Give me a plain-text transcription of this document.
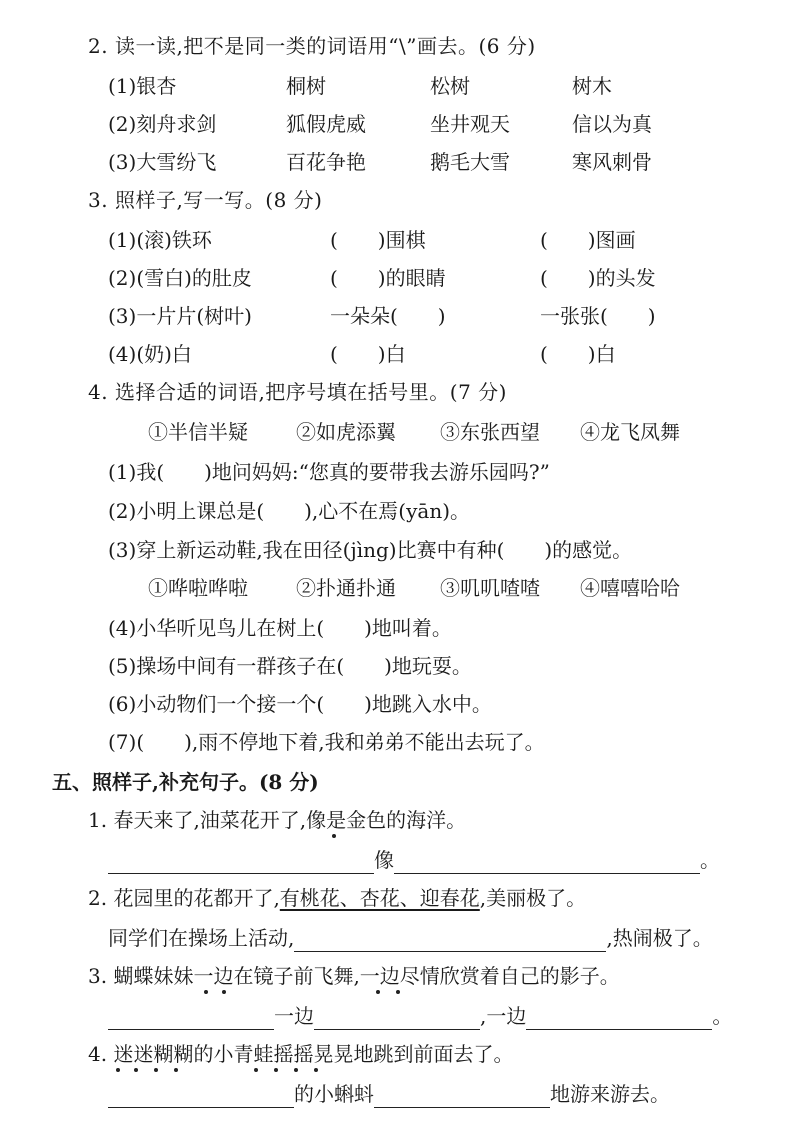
2. 读一读,把不是同一类的词语用“\”画去。(6 分)
(1)银杏	桐树	松树	树木
(2)刻舟求剑	狐假虎威	坐井观天	信以为真
(3)大雪纷飞	百花争艳	鹅毛大雪	寒风刺骨
3. 照样子,写一写。(8 分)
(1)(滚)铁环	(　　)围棋	(　　)图画
(2)(雪白)的肚皮	(　　)的眼睛	(　　)的头发
(3)一片片(树叶)	一朵朵(　　)	一张张(　　)
(4)(奶)白	(　　)白	(　　)白
4. 选择合适的词语,把序号填在括号里。(7 分)
①半信半疑 ②如虎添翼 ③东张西望 ④龙飞凤舞
(1)我(　　)地问妈妈:“您真的要带我去游乐园吗?”
(2)小明上课总是(　　),心不在焉(yān)。
(3)穿上新运动鞋,我在田径(jìng)比赛中有种(　　)的感觉。
①哗啦哗啦 ②扑通扑通 ③叽叽喳喳 ④嘻嘻哈哈
(4)小华听见鸟儿在树上(　　)地叫着。
(5)操场中间有一群孩子在(　　)地玩耍。
(6)小动物们一个接一个(　　)地跳入水中。
(7)(　　),雨不停地下着,我和弟弟不能出去玩了。
五、照样子,补充句子。(8 分)
1. 春天来了,油菜花开了,像是金色的海洋。
像	。
2. 花园里的花都开了,有桃花、杏花、迎春花,美丽极了。
同学们在操场上活动,	,热闹极了。
3. 蝴蝶妹妹一边在镜子前飞舞,一边尽情欣赏着自己的影子。
一边	,一边	。
4. 迷迷糊糊的小青蛙摇摇晃晃地跳到前面去了。
的小蝌蚪	地游来游去。
